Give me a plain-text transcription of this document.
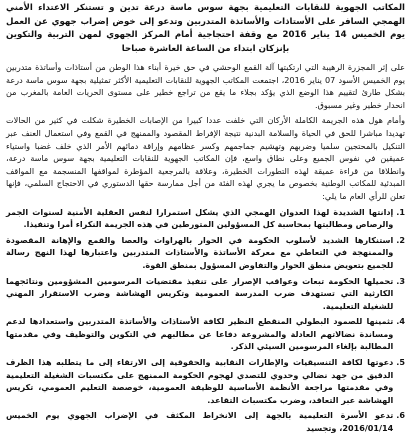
المكاتب الجهوية للنقابات التعليمية بجهة سوس ماسة درعة تدين و تستنكر الاعتداء الأمني الهمجي السافر على الأستاذات والأساتذة المتدربين وتدعو إلى خوض إضراب جهوي عن العمل يوم الخميس 14 يناير 2016 مع وقفة احتجاجية أمام المركز الجهوي لمهن التربية والتكوين بإنزكان ابتداء من الساعة العاشرة صباحا
على إثر المجزرة الرهيبة التي ارتكبتها آلة القمع الوحشي في حق خيرة أبناء هذا الوطن من أستاذات وأساتذة متدربين يوم الخميس الأسود 07 يناير 2016، اجتمعت المكاتب الجهوية للنقابات التعليمية الأكثر تمثيلية بجهة سوس ماسة درعة بشكل طارئ لتقييم هذا الوضع الذي يؤكد بجلاء ما يقع من تراجع خطير على مستوى الحريات العامة بالمغرب من انحدار خطير وغير مسبوق.
وأمام هول هذه الجريمة الكاملة الأركان التي خلفت عددا كبيرا من الإصابات الخطيرة شكلت في كثير من الحالات تهديدا مباشرا للحق في الحياة والسلامة البدنية نتيجة الإفراط المقصود والممنهج في القمع وفي استعمال العنف عبر التنكيل بالمحتجين سلميا وضربهم وتهشيم جماجمهم وكسر عظامهم وإراقة دمائهم الأمر الذي خلف غضبا واستياء عميقين في نفوس الجميع وعلى نطاق واسع، فإن المكاتب الجهوية للنقابات التعليمية بجهة سوس ماسة درعة، وانطلاقا من قراءة عميقة لهذه التطورات الخطيرة، وعلاقة بالمرجعية المؤطرة لمواقفها المنسجمة مع المواقف المبدئية للمكاتب الوطنية بخصوص ما يجري لهذه الفئة من أجل ممارسة حقها الدستوري في الاحتجاج السلمي، فإنها تعلن للرأي العام ما يلي:
1.
إدانتها الشديدة لهذا العدوان الهمجي الذي يشكل استمرارا لنفس العقلية الأمنية لسنوات الجمر والرصاص ومطالبتها بمحاسبة كل المسؤولين المتورطين في هذه الجريمة النكراء أمرا وتنفيذا.
2.
استنكارها الشديد لأسلوب الحكومة في الحوار بالهراوات والعصا والقمع والإهانة المقصودة والممنهجة في التعاطي مع معركة الأساتذة والأستاذات المتدربين واعتبارها لهذا النهج رسالة للجميع بتعويض منطق الحوار والتفاوض المسؤول بمنطق القوة.
3.
تحميلها الحكومة تبعات وعواقب الإصرار على تنفيذ مقتضيات المرسومين المشؤومين ونتائجهما الكارثية التي تستهدف ضرب المدرسة العمومية وتكريس الهشاشة وضرب الاستقرار المهني للشغيلة التعليمية.
4.
تثمينها للصمود البطولي المنقطع النظير لكافة الأستاذات والأساتذة المتدربين واستعدادها لدعم ومساندة نضالاتهم العادلة والمشروعة دفاعا عن مطالبهم في التكوين والتوظيف وفي مقدمتها المطالبة بإلغاء المرسومين السيئي الذكر.
5.
دعوتها لكافة التنسيقيات والإطارات النقابية والحقوقية إلى الارتقاء إلى ما يتطلبه هذا الظرف الدقيق من جهد نضالي وحدوي للتصدي لهجوم الحكومة الممنهج على مكتسبات الشغيلة التعليمية وفي مقدمتها مراجعة الأنظمة الأساسية للوظيفة العمومية، خوصصة التعليم العمومي، تكريس الهشاشة عبر التعاقد، وضرب مكتسبات التقاعد.
6.
تدعو الأسرة التعليمية بالجهة إلى الانخراط المكثف في الإضراب الجهوي يوم الخميس 2016/01/14، وتجسيد
